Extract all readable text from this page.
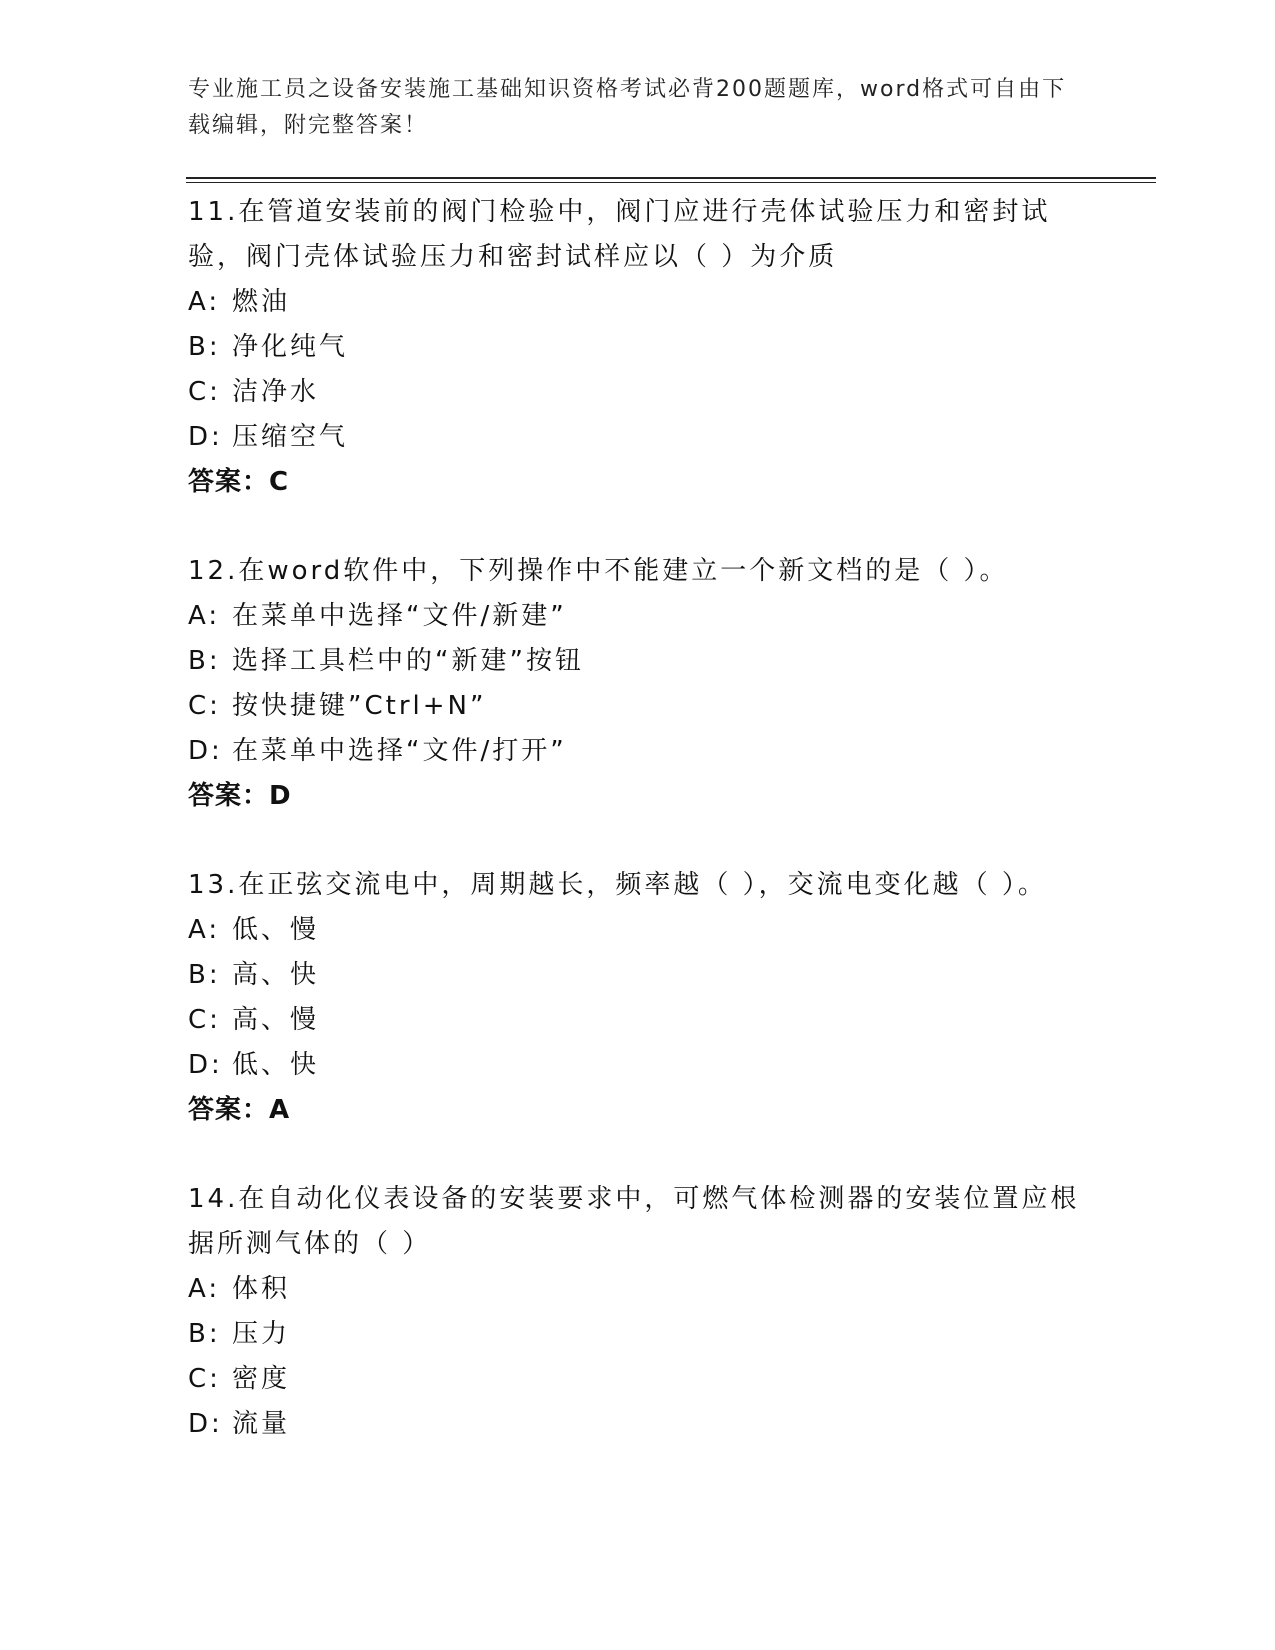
专业施工员之设备安装施工基础知识资格考试必背200题题库，word格式可自由下载编辑，附完整答案！
11.在管道安装前的阀门检验中，阀门应进行壳体试验压力和密封试验，阀门壳体试验压力和密封试样应以（ ）为介质
A: 燃油
B: 净化纯气
C: 洁净水
D: 压缩空气
答案：C
12.在word软件中，下列操作中不能建立一个新文档的是（ ）。
A: 在菜单中选择“文件/新建”
B: 选择工具栏中的“新建”按钮
C: 按快捷键”Ctrl+N”
D: 在菜单中选择“文件/打开”
答案：D
13.在正弦交流电中，周期越长，频率越（ ），交流电变化越（ ）。
A: 低、慢
B: 高、快
C: 高、慢
D: 低、快
答案：A
14.在自动化仪表设备的安装要求中，可燃气体检测器的安装位置应根据所测气体的（ ）
A: 体积
B: 压力
C: 密度
D: 流量
